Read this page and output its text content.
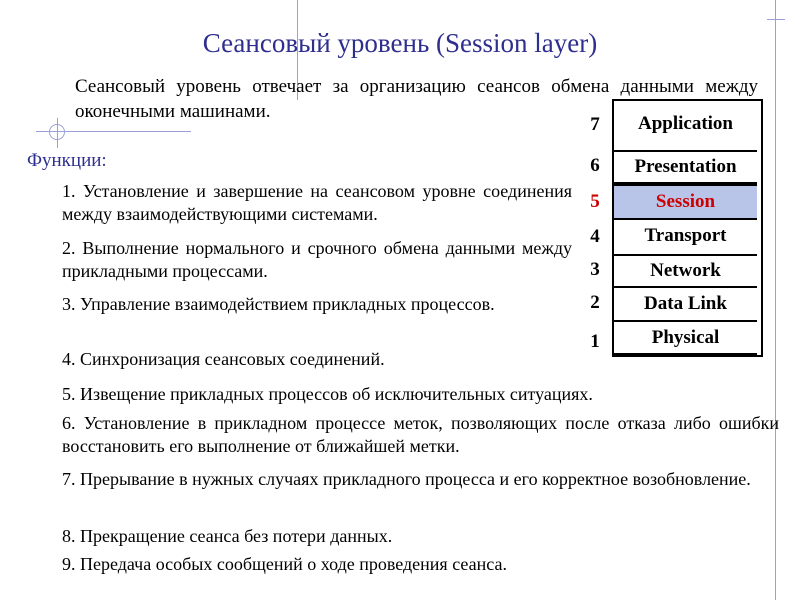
Сеансовый уровень (Session layer)
Сеансовый уровень отвечает за организацию сеансов обмена данными между оконечными машинами.
Функции:
1. Установление и завершение на сеансовом уровне соединения между взаимодействующими системами.
2. Выполнение нормального и срочного обмена данными между прикладными процессами.
3. Управление взаимодействием прикладных процессов.
4. Синхронизация сеансовых соединений.
5. Извещение прикладных процессов об исключительных ситуациях.
6. Установление в прикладном процессе меток, позволяющих после отказа либо ошибки восстановить его выполнение от ближайшей метки.
7. Прерывание в нужных случаях прикладного процесса и его корректное возобновление.
8. Прекращение сеанса без потери данных.
9. Передача особых сообщений о ходе проведения сеанса.
7	Application
6	Presentation
5	Session
4	Transport
3	Network
2	Data Link
1	Physical
